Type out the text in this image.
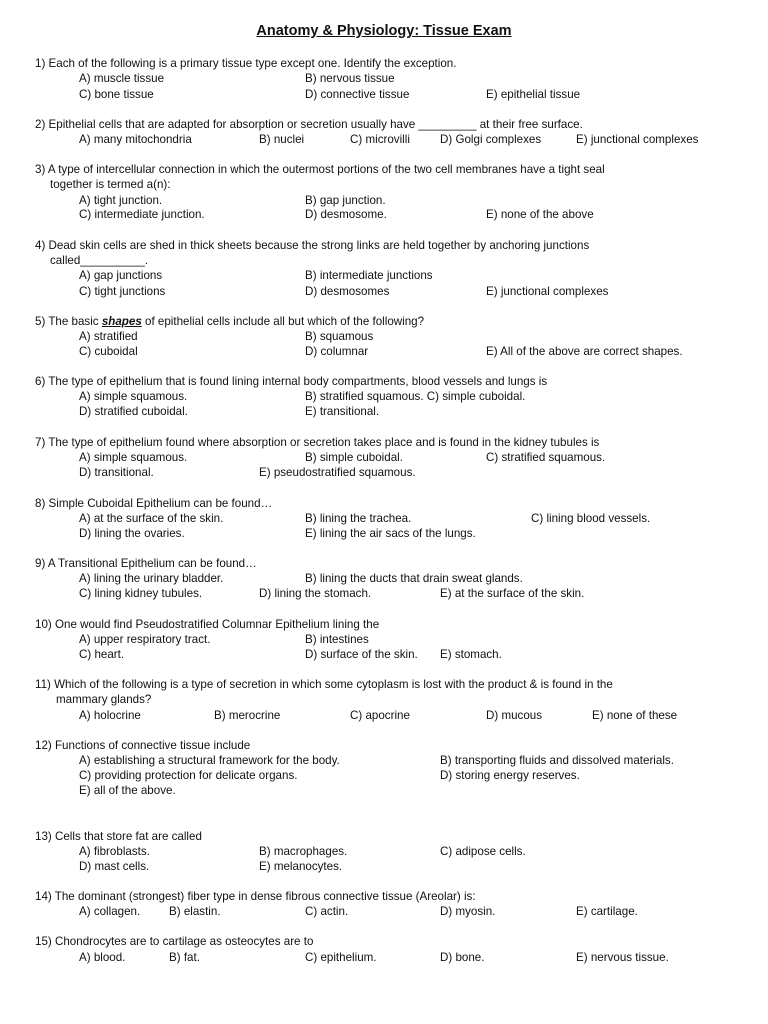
Anatomy & Physiology: Tissue Exam
1) Each of the following is a primary tissue type except one. Identify the exception.
A) muscle tissue	B) nervous tissue
C) bone tissue	D) connective tissue	E) epithelial tissue
2) Epithelial cells that are adapted for absorption or secretion usually have _________ at their free surface.
A) many mitochondria	B) nuclei	C) microvilli	D) Golgi complexes	E) junctional complexes
3) A type of intercellular connection in which the outermost portions of the two cell membranes have a tight seal
together is termed a(n):
A) tight junction.	B) gap junction.
C) intermediate junction.	D) desmosome.	E) none of the above
4) Dead skin cells are shed in thick sheets because the strong links are held together by anchoring junctions
called__________.
A) gap junctions	B) intermediate junctions
C) tight junctions	D) desmosomes	E) junctional complexes
5) The basic shapes of epithelial cells include all but which of the following?
A) stratified	B) squamous
C) cuboidal	D) columnar	E) All of the above are correct shapes.
6) The type of epithelium that is found lining internal body compartments, blood vessels and lungs is
A) simple squamous.	B) stratified squamous. C) simple cuboidal.
D) stratified cuboidal.	E) transitional.
7) The type of epithelium found where absorption or secretion takes place and is found in the kidney tubules is
A) simple squamous.	B) simple cuboidal.	C) stratified squamous.
D) transitional.	E) pseudostratified squamous.
8) Simple Cuboidal Epithelium can be found…
A) at the surface of the skin.	B) lining the trachea.	C) lining blood vessels.
D) lining the ovaries.	E) lining the air sacs of the lungs.
9) A Transitional Epithelium can be found…
A) lining the urinary bladder.	B) lining the ducts that drain sweat glands.
C) lining kidney tubules.	D) lining the stomach.	E) at the surface of the skin.
10) One would find Pseudostratified Columnar Epithelium lining the
A) upper respiratory tract.	B) intestines
C) heart.	D) surface of the skin. E) stomach.
11) Which of the following is a type of secretion in which some cytoplasm is lost with the product & is found in the
mammary glands?
A) holocrine	B) merocrine	C) apocrine	D) mucous	E) none of these
12) Functions of connective tissue include
A) establishing a structural framework for the body.	B) transporting fluids and dissolved materials.
C) providing protection for delicate organs.	D) storing energy reserves.
E) all of the above.
13) Cells that store fat are called
A) fibroblasts.	B) macrophages.	C) adipose cells.
D) mast cells.	E) melanocytes.
14) The dominant (strongest) fiber type in dense fibrous connective tissue (Areolar) is:
A) collagen. B) elastin.	C) actin.	D) myosin.	E) cartilage.
15) Chondrocytes are to cartilage as osteocytes are to
A) blood.	B) fat.	C) epithelium.	D) bone.	E) nervous tissue.
